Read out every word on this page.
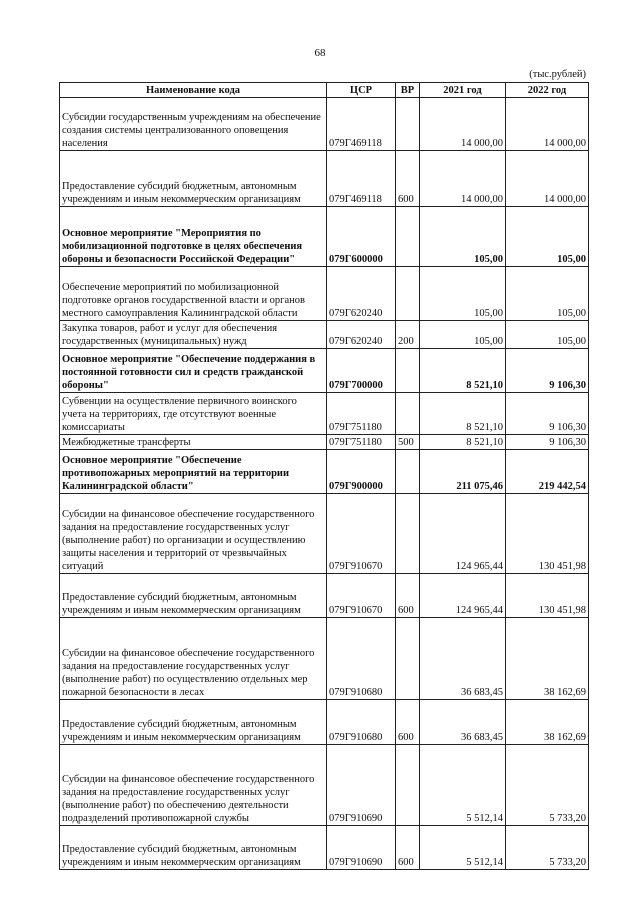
68
(тыс.рублей)
Наименование кода	ЦСР	ВР	2021 год	2022 год
Субсидии государственным учреждениям на обеспечение создания системы централизованного оповещения населения	079Г469118		14 000,00	14 000,00
Предоставление субсидий бюджетным, автономным учреждениям и иным некоммерческим организациям	079Г469118	600	14 000,00	14 000,00
Основное мероприятие "Мероприятия по мобилизационной подготовке в целях обеспечения обороны и безопасности Российской Федерации"	079Г600000		105,00	105,00
Обеспечение мероприятий по мобилизационной подготовке органов государственной власти и органов местного самоуправления Калининградской области	079Г620240		105,00	105,00
Закупка товаров, работ и услуг для обеспечения государственных (муниципальных) нужд	079Г620240	200	105,00	105,00
Основное мероприятие "Обеспечение поддержания в постоянной готовности сил и средств гражданской обороны"	079Г700000		8 521,10	9 106,30
Субвенции на осуществление первичного воинского учета на территориях, где отсутствуют военные комиссариаты	079Г751180		8 521,10	9 106,30
Межбюджетные трансферты	079Г751180	500	8 521,10	9 106,30
Основное мероприятие "Обеспечение противопожарных мероприятий на территории Калининградской области"	079Г900000		211 075,46	219 442,54
Субсидии на финансовое обеспечение государственного задания на предоставление государственных услуг (выполнение работ) по организации и осуществлению защиты населения и территорий от чрезвычайных ситуаций	079Г910670		124 965,44	130 451,98
Предоставление субсидий бюджетным, автономным учреждениям и иным некоммерческим организациям	079Г910670	600	124 965,44	130 451,98
Субсидии на финансовое обеспечение государственного задания на предоставление государственных услуг (выполнение работ) по осуществлению отдельных мер пожарной безопасности в лесах	079Г910680		36 683,45	38 162,69
Предоставление субсидий бюджетным, автономным учреждениям и иным некоммерческим организациям	079Г910680	600	36 683,45	38 162,69
Субсидии на финансовое обеспечение государственного задания на предоставление государственных услуг (выполнение работ) по обеспечению деятельности подразделений противопожарной службы	079Г910690		5 512,14	5 733,20
Предоставление субсидий бюджетным, автономным учреждениям и иным некоммерческим организациям	079Г910690	600	5 512,14	5 733,20
